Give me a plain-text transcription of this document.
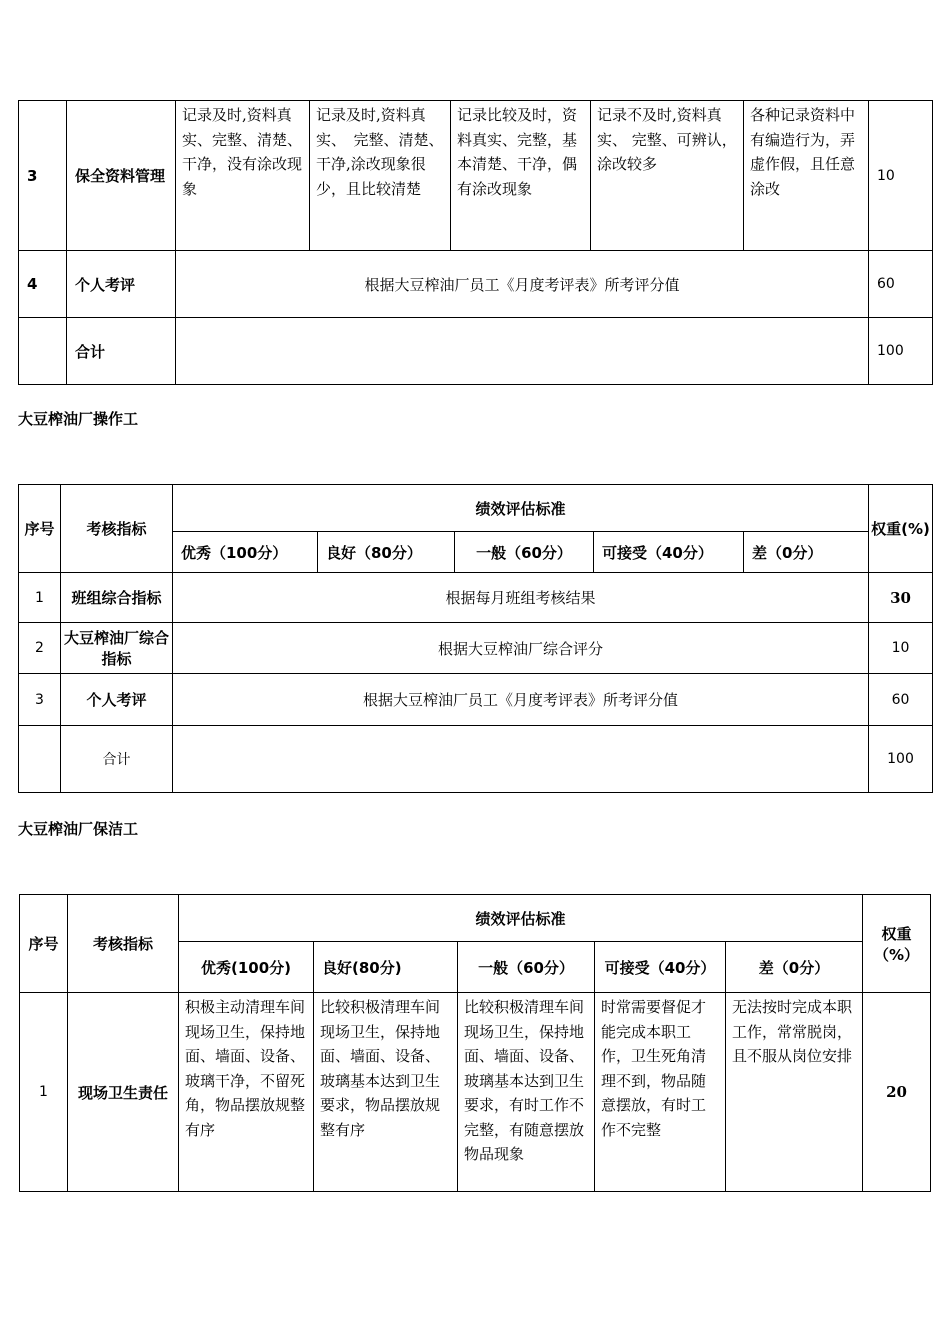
3	保全资料管理	记录及时,资料真实、完整、清楚、干净，没有涂改现象	记录及时,资料真实、　完整、清楚、干净,涂改现象很少，且比较清楚	记录比较及时，资料真实、完整，基本清楚、干净，偶有涂改现象	记录不及时,资料真实、 完整、可辨认，涂改较多	各种记录资料中有编造行为，弄虚作假，且任意涂改	10
4	个人考评	根据大豆榨油厂员工《月度考评表》所考评分值					60
	合计						100
大豆榨油厂操作工
序号	考核指标	绩效评估标准					权重(%)
		优秀（100分）	良好（80分）	一般（60分）	可接受（40分）	差（0分）	
1	班组综合指标	根据每月班组考核结果					30
2	大豆榨油厂综合指标	根据大豆榨油厂综合评分					10
3	个人考评	根据大豆榨油厂员工《月度考评表》所考评分值					60
	合计						100
大豆榨油厂保洁工
序号	考核指标	绩效评估标准					权重（%）
		优秀(100分)	良好(80分)	一般（60分）	可接受（40分）	差（0分）	
1	现场卫生责任	积极主动清理车间现场卫生，保持地面、墙面、设备、玻璃干净，不留死角，物品摆放规整有序	比较积极清理车间现场卫生，保持地面、墙面、设备、玻璃基本达到卫生要求，物品摆放规整有序	比较积极清理车间现场卫生，保持地面、墙面、设备、玻璃基本达到卫生要求，有时工作不完整，有随意摆放物品现象	时常需要督促才能完成本职工作，卫生死角清理不到，物品随意摆放，有时工作不完整	无法按时完成本职工作，常常脱岗，且不服从岗位安排	20
